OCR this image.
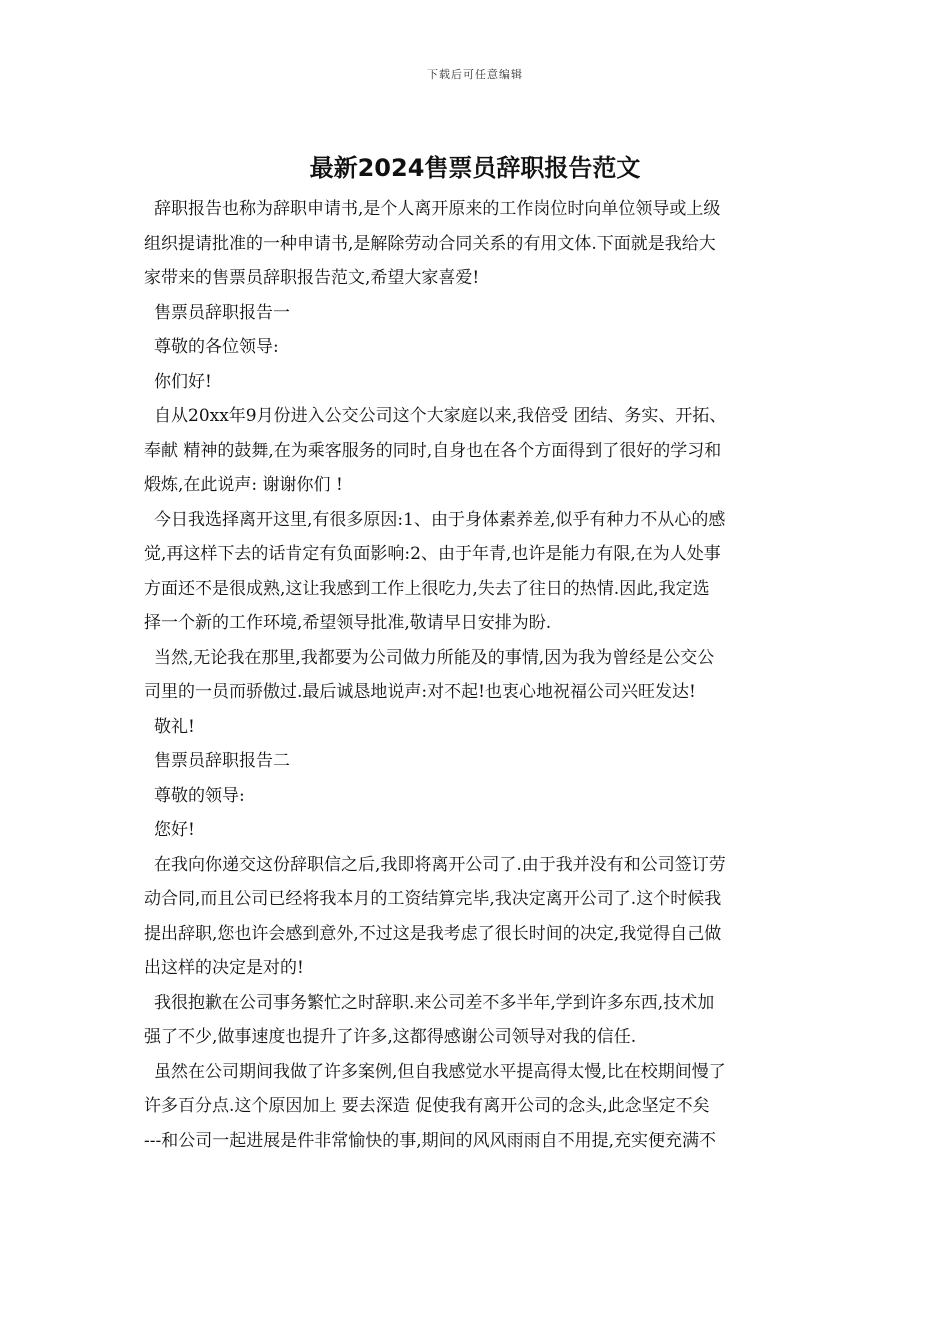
下载后可任意编辑
最新2024售票员辞职报告范文

辞职报告也称为辞职申请书,是个人离开原来的工作岗位时向单位领导或上级
组织提请批准的一种申请书,是解除劳动合同关系的有用文体.下面就是我给大
家带来的售票员辞职报告范文,希望大家喜爱!

售票员辞职报告一

尊敬的各位领导:

你们好!

自从20xx年9月份进入公交公司这个大家庭以来,我倍受 团结、务实、开拓、
奉献 精神的鼓舞,在为乘客服务的同时,自身也在各个方面得到了很好的学习和
煅炼,在此说声: 谢谢你们 !

今日我选择离开这里,有很多原因:1、由于身体素养差,似乎有种力不从心的感
觉,再这样下去的话肯定有负面影响:2、由于年青,也许是能力有限,在为人处事
方面还不是很成熟,这让我感到工作上很吃力,失去了往日的热情.因此,我定选
择一个新的工作环境,希望领导批准,敬请早日安排为盼.

当然,无论我在那里,我都要为公司做力所能及的事情,因为我为曾经是公交公
司里的一员而骄傲过.最后诚恳地说声:对不起!也衷心地祝福公司兴旺发达!

敬礼!

售票员辞职报告二

尊敬的领导:

您好!

在我向你递交这份辞职信之后,我即将离开公司了.由于我并没有和公司签订劳
动合同,而且公司已经将我本月的工资结算完毕,我决定离开公司了.这个时候我
提出辞职,您也许会感到意外,不过这是我考虑了很长时间的决定,我觉得自己做
出这样的决定是对的!

我很抱歉在公司事务繁忙之时辞职.来公司差不多半年,学到许多东西,技术加
强了不少,做事速度也提升了许多,这都得感谢公司领导对我的信任.

虽然在公司期间我做了许多案例,但自我感觉水平提高得太慢,比在校期间慢了
许多百分点.这个原因加上 要去深造 促使我有离开公司的念头,此念坚定不矣
---和公司一起进展是件非常愉快的事,期间的风风雨雨自不用提,充实便充满不
